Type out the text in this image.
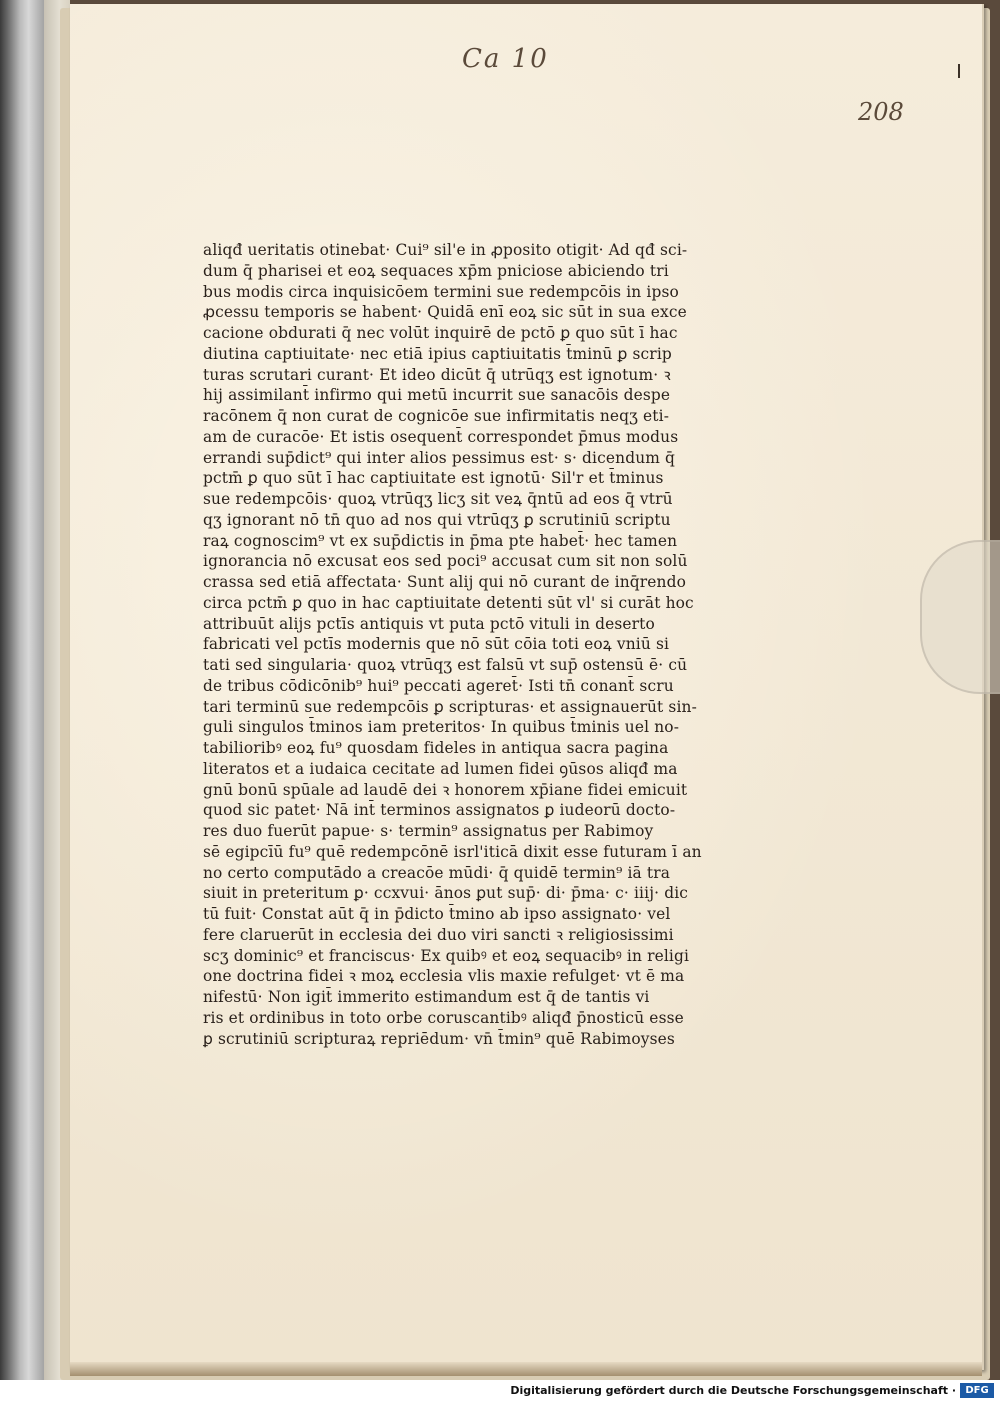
Ca 10
208
aliqđ ueritatis otinebat· Cui⁹ sil'e in ꝓposito otigit· Ad qđ sci-
dum q̄ pharisei et eoꝝ sequaces xp̄m pniciose abiciendo tri
bus modis circa inquisicōem termini sue redempcōis in ipso
ꝓcessu temporis se habent· Quidā enī eoꝝ sic sūt in sua exce
cacione obdurati q̄ nec volūt inquirē de pctō ꝑ quo sūt ī hac
diutina captiuitate· nec etiā ipius captiuitatis t̄minū ꝑ scrip
turas scrutari curant· Et ideo dicūt q̄ utrūqʒ est ignotum· ꝛ
hij assimilant̄ infirmo qui metū incurrit sue sanacōis despe
racōnem q̄ non curat de cognicōe sue infirmitatis neqʒ eti-
am de curacōe· Et istis osequent̄ correspondet p̄mus modus
errandi sup̄dict⁹ qui inter alios pessimus est· s· dicendum q̄
pctm̄ ꝑ quo sūt ī hac captiuitate est ignotū· Sil'r et t̄minus
sue redempcōis· quoꝝ vtrūqʒ licʒ sit veꝝ q̄ntū ad eos q̄ vtrū
qʒ ignorant nō tn̄ quo ad nos qui vtrūqʒ ꝑ scrutiniū scriptu
raꝝ cognoscim⁹ vt ex sup̄dictis in p̄ma pte habet̄· hec tamen
ignorancia nō excusat eos sed poci⁹ accusat cum sit non solū
crassa sed etiā affectata· Sunt alij qui nō curant de inq̄rendo
circa pctm̄ ꝑ quo in hac captiuitate detenti sūt vl' si curāt hoc
attribuūt alijs pctīs antiquis vt puta pctō vituli in deserto
fabricati vel pctīs modernis que nō sūt cōia toti eoꝝ vniū si
tati sed singularia· quoꝝ vtrūqʒ est falsū vt sup̄ ostensū ē· cū
de tribus cōdicōnib⁹ hui⁹ peccati ageret̄· Isti tn̄ conant̄ scru
tari terminū sue redempcōis ꝑ scripturas· et assignauerūt sin-
guli singulos t̄minos iam preteritos· In quibus t̄minis uel no-
tabilioribꝰ eoꝝ fu⁹ quosdam fideles in antiqua sacra pagina
literatos et a iudaica cecitate ad lumen fidei ꝯūsos aliqđ ma
gnū bonū spūale ad laudē dei ꝛ honorem xp̄iane fidei emicuit
quod sic patet· Nā int̄ terminos assignatos ꝑ iudeorū docto-
res duo fuerūt papue· s· termin⁹ assignatus per Rabimoy
sē egipcīū fu⁹ quē redempcōnē isrl'iticā dixit esse futuram ī an
no certo computādo a creacōe mūdi· q̄ quidē termin⁹ iā tra
siuit in preteritum ꝑ· ccxvui· ānos ꝑut sup̄· di· p̄ma· c· iiij· dic
tū fuit· Constat aūt q̄ in p̄dicto t̄mino ab ipso assignato· vel
fere claruerūt in ecclesia dei duo viri sancti ꝛ religiosissimi
scʒ dominic⁹ et franciscus· Ex quibꝰ et eoꝝ sequacibꝰ in religi
one doctrina fidei ꝛ moꝝ ecclesia vlis maxie refulget· vt ē ma
nifestū· Non igit̄ immerito estimandum est q̄ de tantis vi
ris et ordinibus in toto orbe coruscantibꝰ aliqđ p̄nosticū esse
ꝑ scrutiniū scripturaꝝ repriēdum· vn̄ t̄min⁹ quē Rabimoyses
Digitalisierung gefördert durch die Deutsche Forschungsgemeinschaft · DFG
